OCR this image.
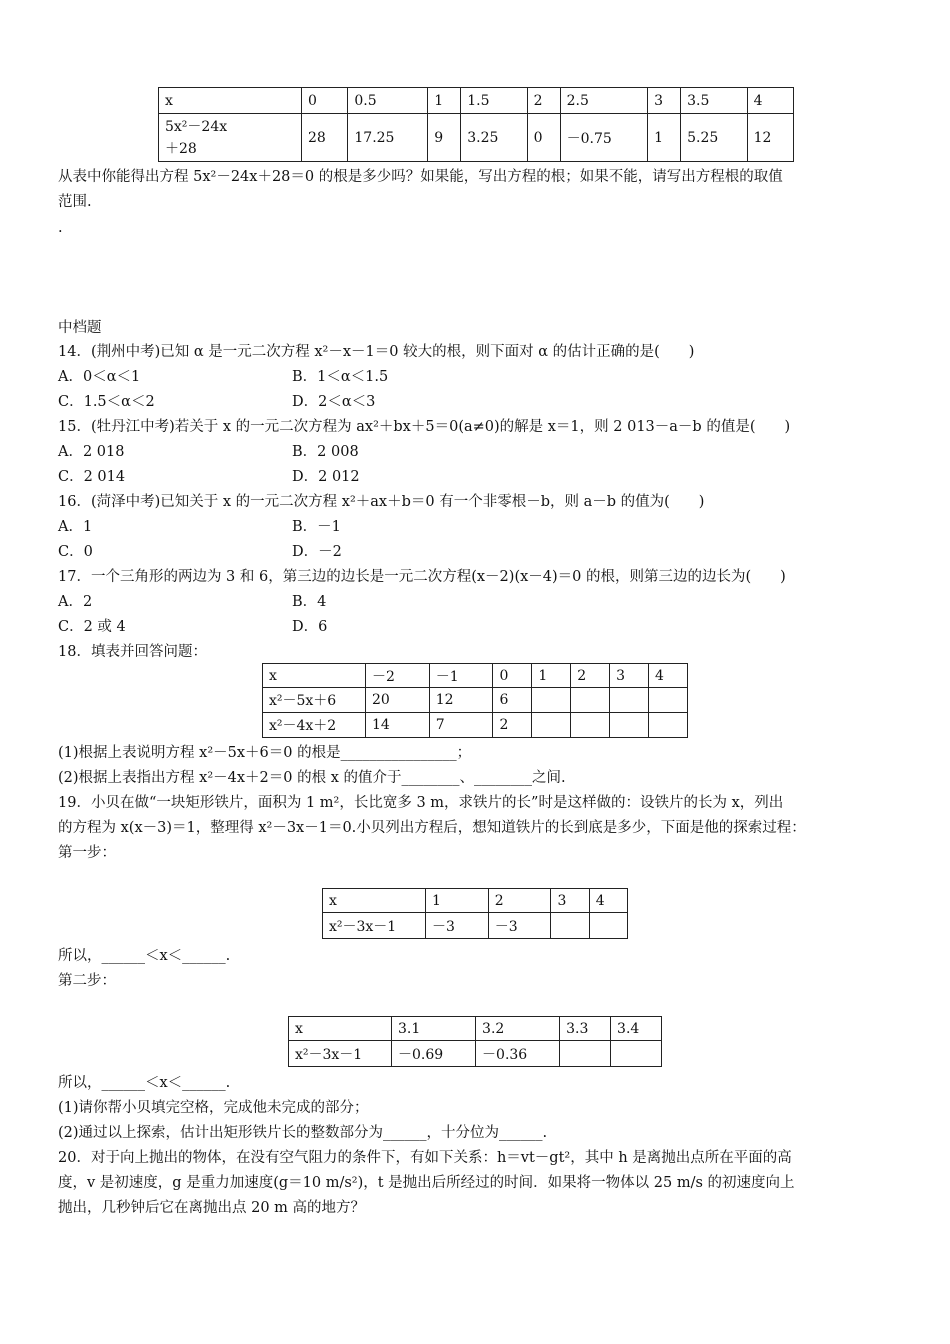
x	0	0.5	1	1.5	2	2.5	3	3.5	4
5x²－24x
＋28	28	17.25	9	3.25	0	－0.75	1	5.25	12
从表中你能得出方程 5x²－24x＋28＝0 的根是多少吗？如果能，写出方程的根；如果不能，请写出方程根的取值
范围.
.
中档题
14．(荆州中考)已知 α 是一元二次方程 x²－x－1＝0 较大的根，则下面对 α 的估计正确的是(　　)
A．0＜α＜1	B．1＜α＜1.5
C．1.5＜α＜2	D．2＜α＜3
15．(牡丹江中考)若关于 x 的一元二次方程为 ax²＋bx＋5＝0(a≠0)的解是 x＝1，则 2 013－a－b 的值是(　　)
A．2 018	B．2 008
C．2 014	D．2 012
16．(菏泽中考)已知关于 x 的一元二次方程 x²＋ax＋b＝0 有一个非零根－b，则 a－b 的值为(　　)
A．1	B．－1
C．0	D．－2
17．一个三角形的两边为 3 和 6，第三边的边长是一元二次方程(x－2)(x－4)＝0 的根，则第三边的边长为(　　)
A．2	B．4
C．2 或 4	D．6
18．填表并回答问题：
x	－2	－1	0	1	2	3	4
x²－5x＋6	20	12	6				
x²－4x＋2	14	7	2				
(1)根据上表说明方程 x²－5x＋6＝0 的根是________________；
(2)根据上表指出方程 x²－4x＋2＝0 的根 x 的值介于________、________之间.
19．小贝在做“一块矩形铁片，面积为 1 m²，长比宽多 3 m，求铁片的长”时是这样做的：设铁片的长为 x，列出
的方程为 x(x－3)＝1，整理得 x²－3x－1＝0.小贝列出方程后，想知道铁片的长到底是多少，下面是他的探索过程：
第一步：
x	1	2	3	4
x²－3x－1	－3	－3		
所以，______＜x＜______.
第二步：
x	3.1	3.2	3.3	3.4
x²－3x－1	－0.69	－0.36		
所以，______＜x＜______.
(1)请你帮小贝填完空格，完成他未完成的部分；
(2)通过以上探索，估计出矩形铁片长的整数部分为______，十分位为______.
20．对于向上抛出的物体，在没有空气阻力的条件下，有如下关系：h＝vt－gt²，其中 h 是离抛出点所在平面的高
度，v 是初速度，g 是重力加速度(g＝10 m/s²)，t 是抛出后所经过的时间．如果将一物体以 25 m/s 的初速度向上
抛出，几秒钟后它在离抛出点 20 m 高的地方？
